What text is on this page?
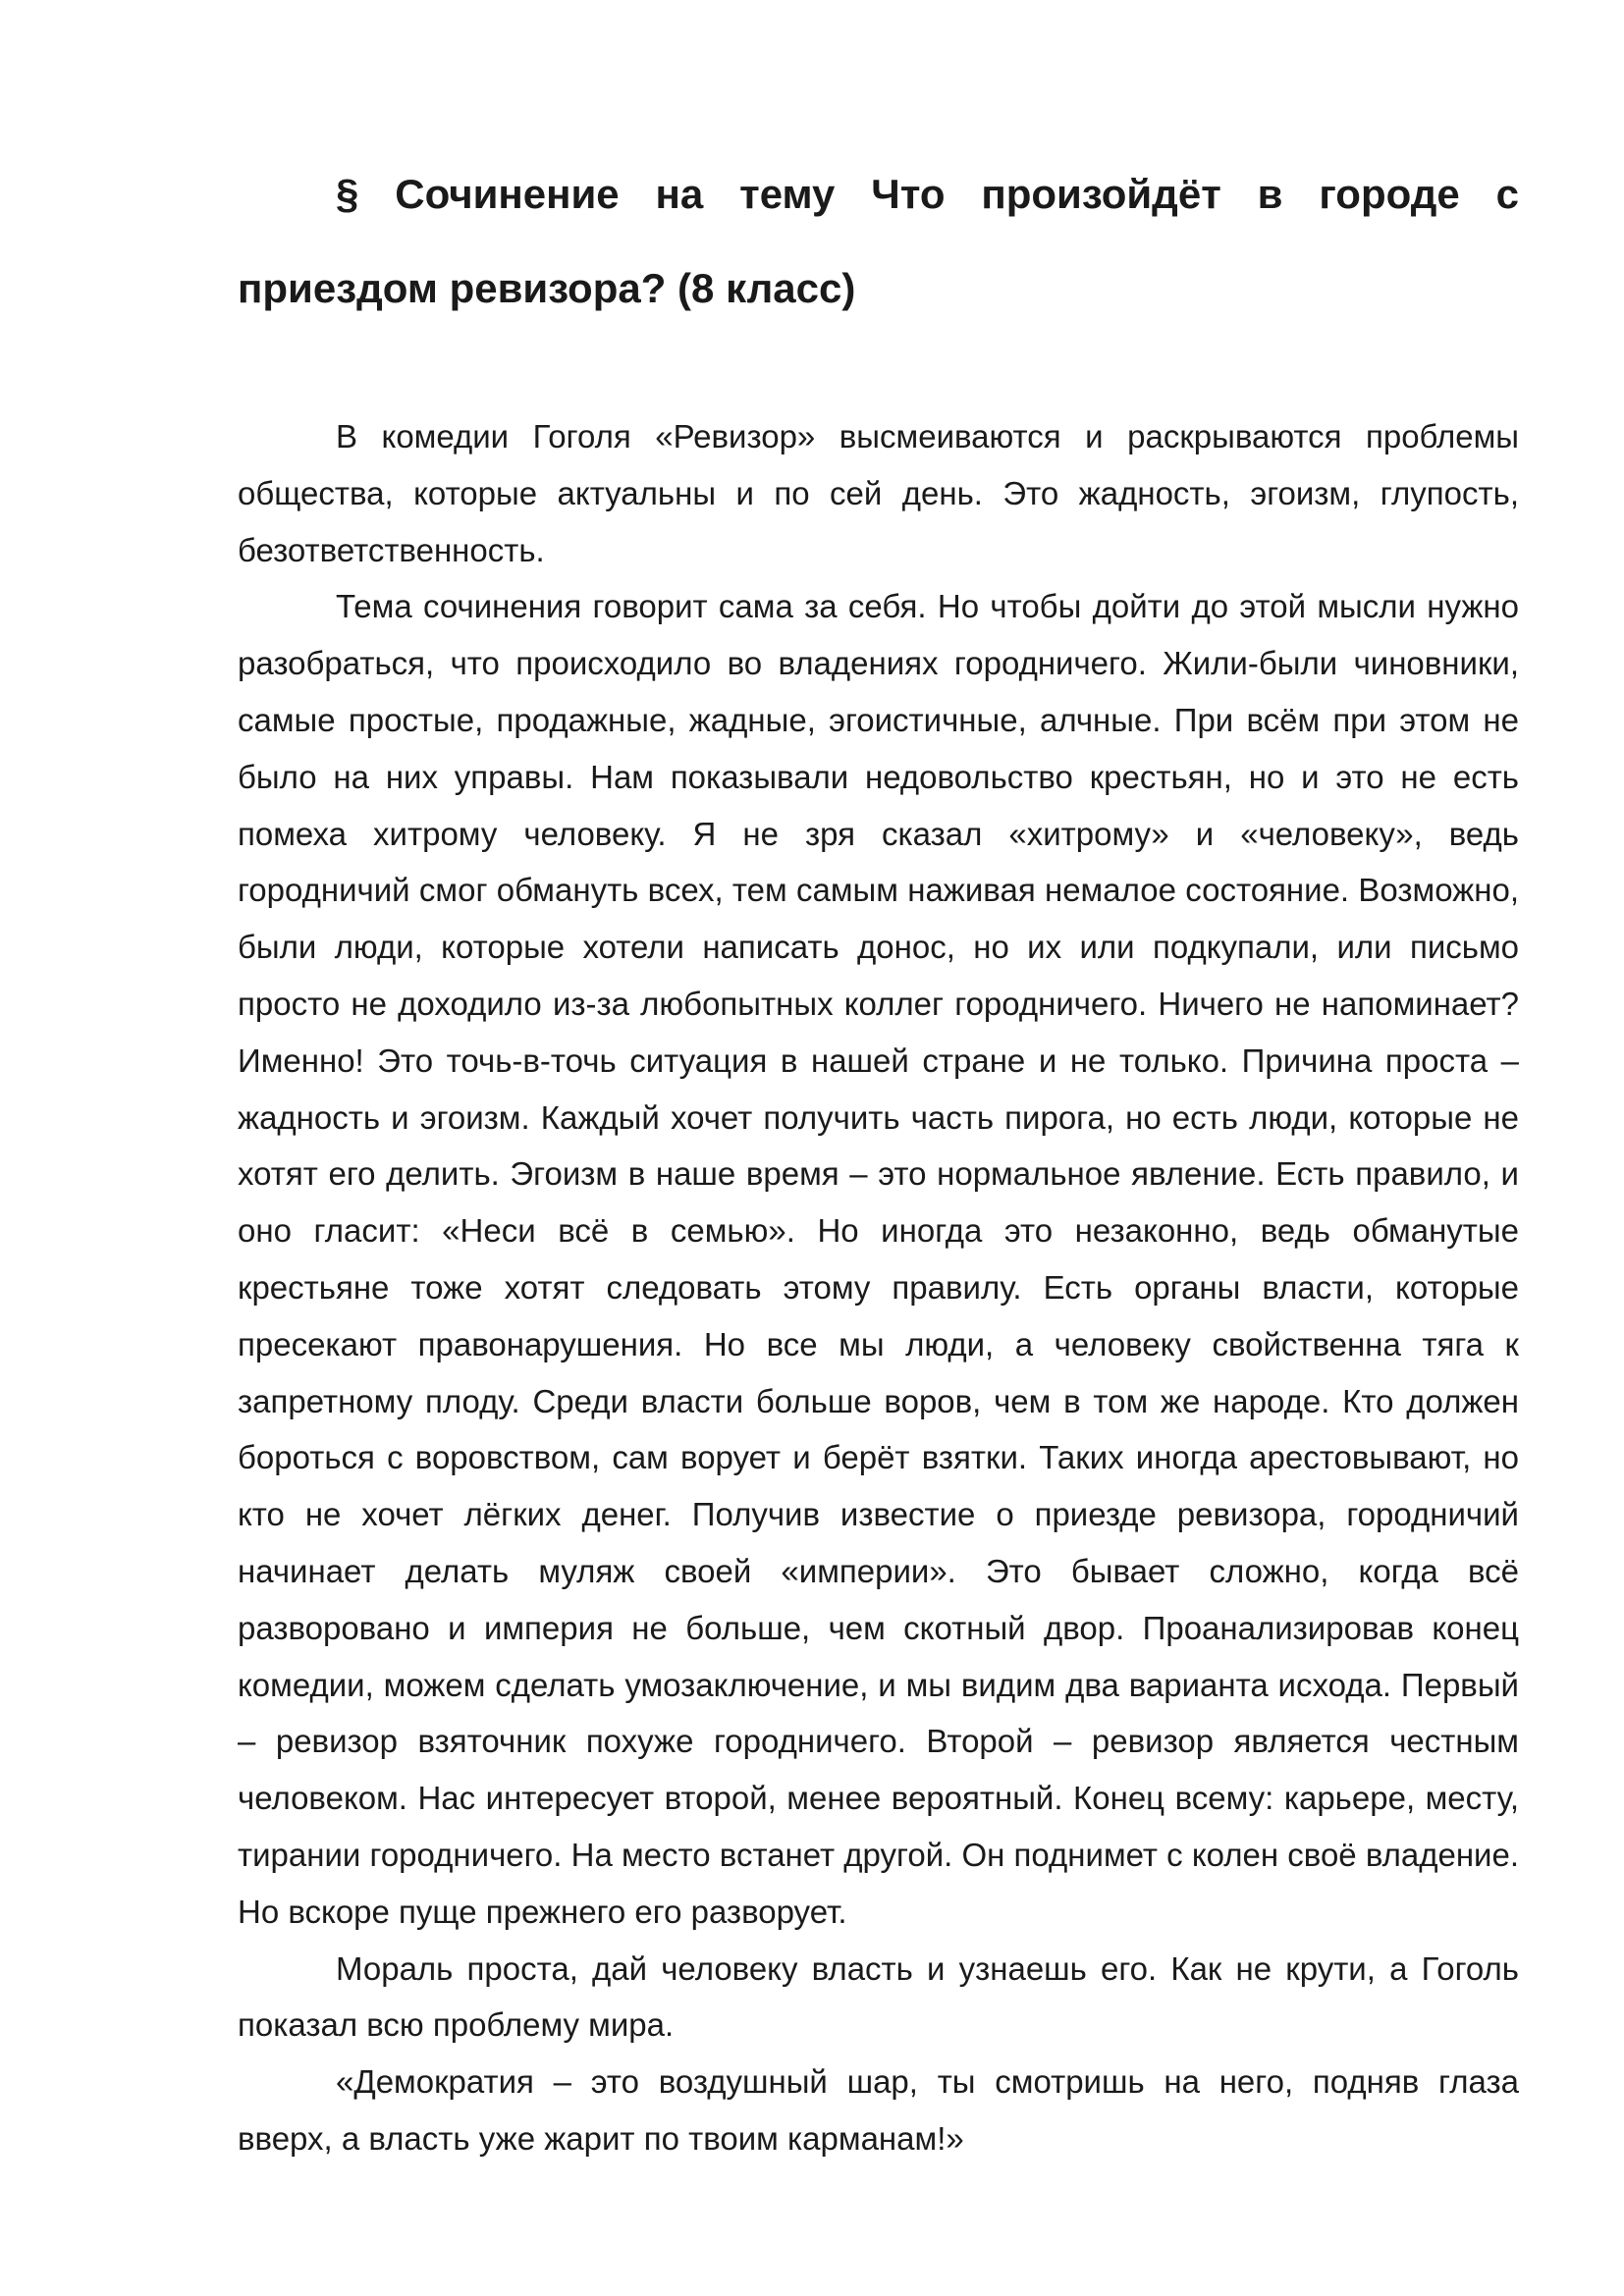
§ Сочинение на тему Что произойдёт в городе с приездом ревизора? (8 класс)

В комедии Гоголя «Ревизор» высмеиваются и раскрываются проблемы общества, которые актуальны и по сей день. Это жадность, эгоизм, глупость, безответственность.

Тема сочинения говорит сама за себя. Но чтобы дойти до этой мысли нужно разобраться, что происходило во владениях городничего. Жили-были чиновники, самые простые, продажные, жадные, эгоистичные, алчные. При всём при этом не было на них управы. Нам показывали недовольство крестьян, но и это не есть помеха хитрому человеку. Я не зря сказал «хитрому» и «человеку», ведь городничий смог обмануть всех, тем самым наживая немалое состояние. Возможно, были люди, которые хотели написать донос, но их или подкупали, или письмо просто не доходило из-за любопытных коллег городничего. Ничего не напоминает? Именно! Это точь-в-точь ситуация в нашей стране и не только. Причина проста – жадность и эгоизм. Каждый хочет получить часть пирога, но есть люди, которые не хотят его делить. Эгоизм в наше время – это нормальное явление. Есть правило, и оно гласит: «Неси всё в семью». Но иногда это незаконно, ведь обманутые крестьяне тоже хотят следовать этому правилу. Есть органы власти, которые пресекают правонарушения. Но все мы люди, а человеку свойственна тяга к запретному плоду. Среди власти больше воров, чем в том же народе. Кто должен бороться с воровством, сам ворует и берёт взятки. Таких иногда арестовывают, но кто не хочет лёгких денег. Получив известие о приезде ревизора, городничий начинает делать муляж своей «империи». Это бывает сложно, когда всё разворовано и империя не больше, чем скотный двор. Проанализировав конец комедии, можем сделать умозаключение, и мы видим два варианта исхода. Первый – ревизор взяточник похуже городничего. Второй – ревизор является честным человеком. Нас интересует второй, менее вероятный. Конец всему: карьере, месту, тирании городничего. На место встанет другой. Он поднимет с колен своё владение. Но вскоре пуще прежнего его разворует.

Мораль проста, дай человеку власть и узнаешь его. Как не крути, а Гоголь показал всю проблему мира.

«Демократия – это воздушный шар, ты смотришь на него, подняв глаза вверх, а власть уже жарит по твоим карманам!»
